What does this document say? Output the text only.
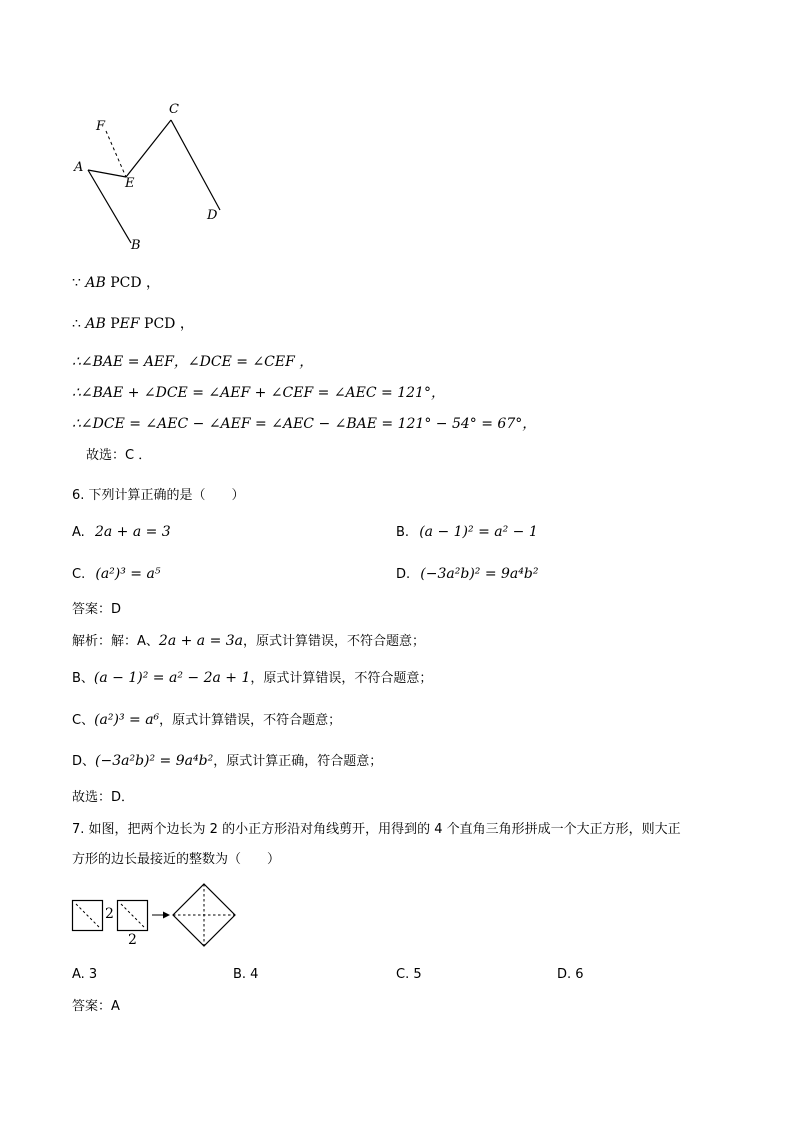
A
B
C
D
E
F
∵ AB PCD ，
∴ AB PEF PCD ，
∴∠BAE = AEF，∠DCE = ∠CEF ，
∴∠BAE + ∠DCE = ∠AEF + ∠CEF = ∠AEC = 121°，
∴∠DCE = ∠AEC − ∠AEF = ∠AEC − ∠BAE = 121° − 54° = 67°，
故选：C ．
6. 下列计算正确的是（　　）
A. 2a + a = 3	B. (a − 1)² = a² − 1
C. (a²)³ = a⁵	D. (−3a²b)² = 9a⁴b²
答案：D
解析：解：A、2a + a = 3a，原式计算错误，不符合题意；
B、(a − 1)² = a² − 2a + 1，原式计算错误，不符合题意；
C、(a²)³ = a⁶，原式计算错误，不符合题意；
D、(−3a²b)² = 9a⁴b²，原式计算正确，符合题意；
故选：D．
7. 如图，把两个边长为 2 的小正方形沿对角线剪开，用得到的 4 个直角三角形拼成一个大正方形，则大正
方形的边长最接近的整数为（　　）
2
2
A. 3	B. 4	C. 5	D. 6
答案：A
